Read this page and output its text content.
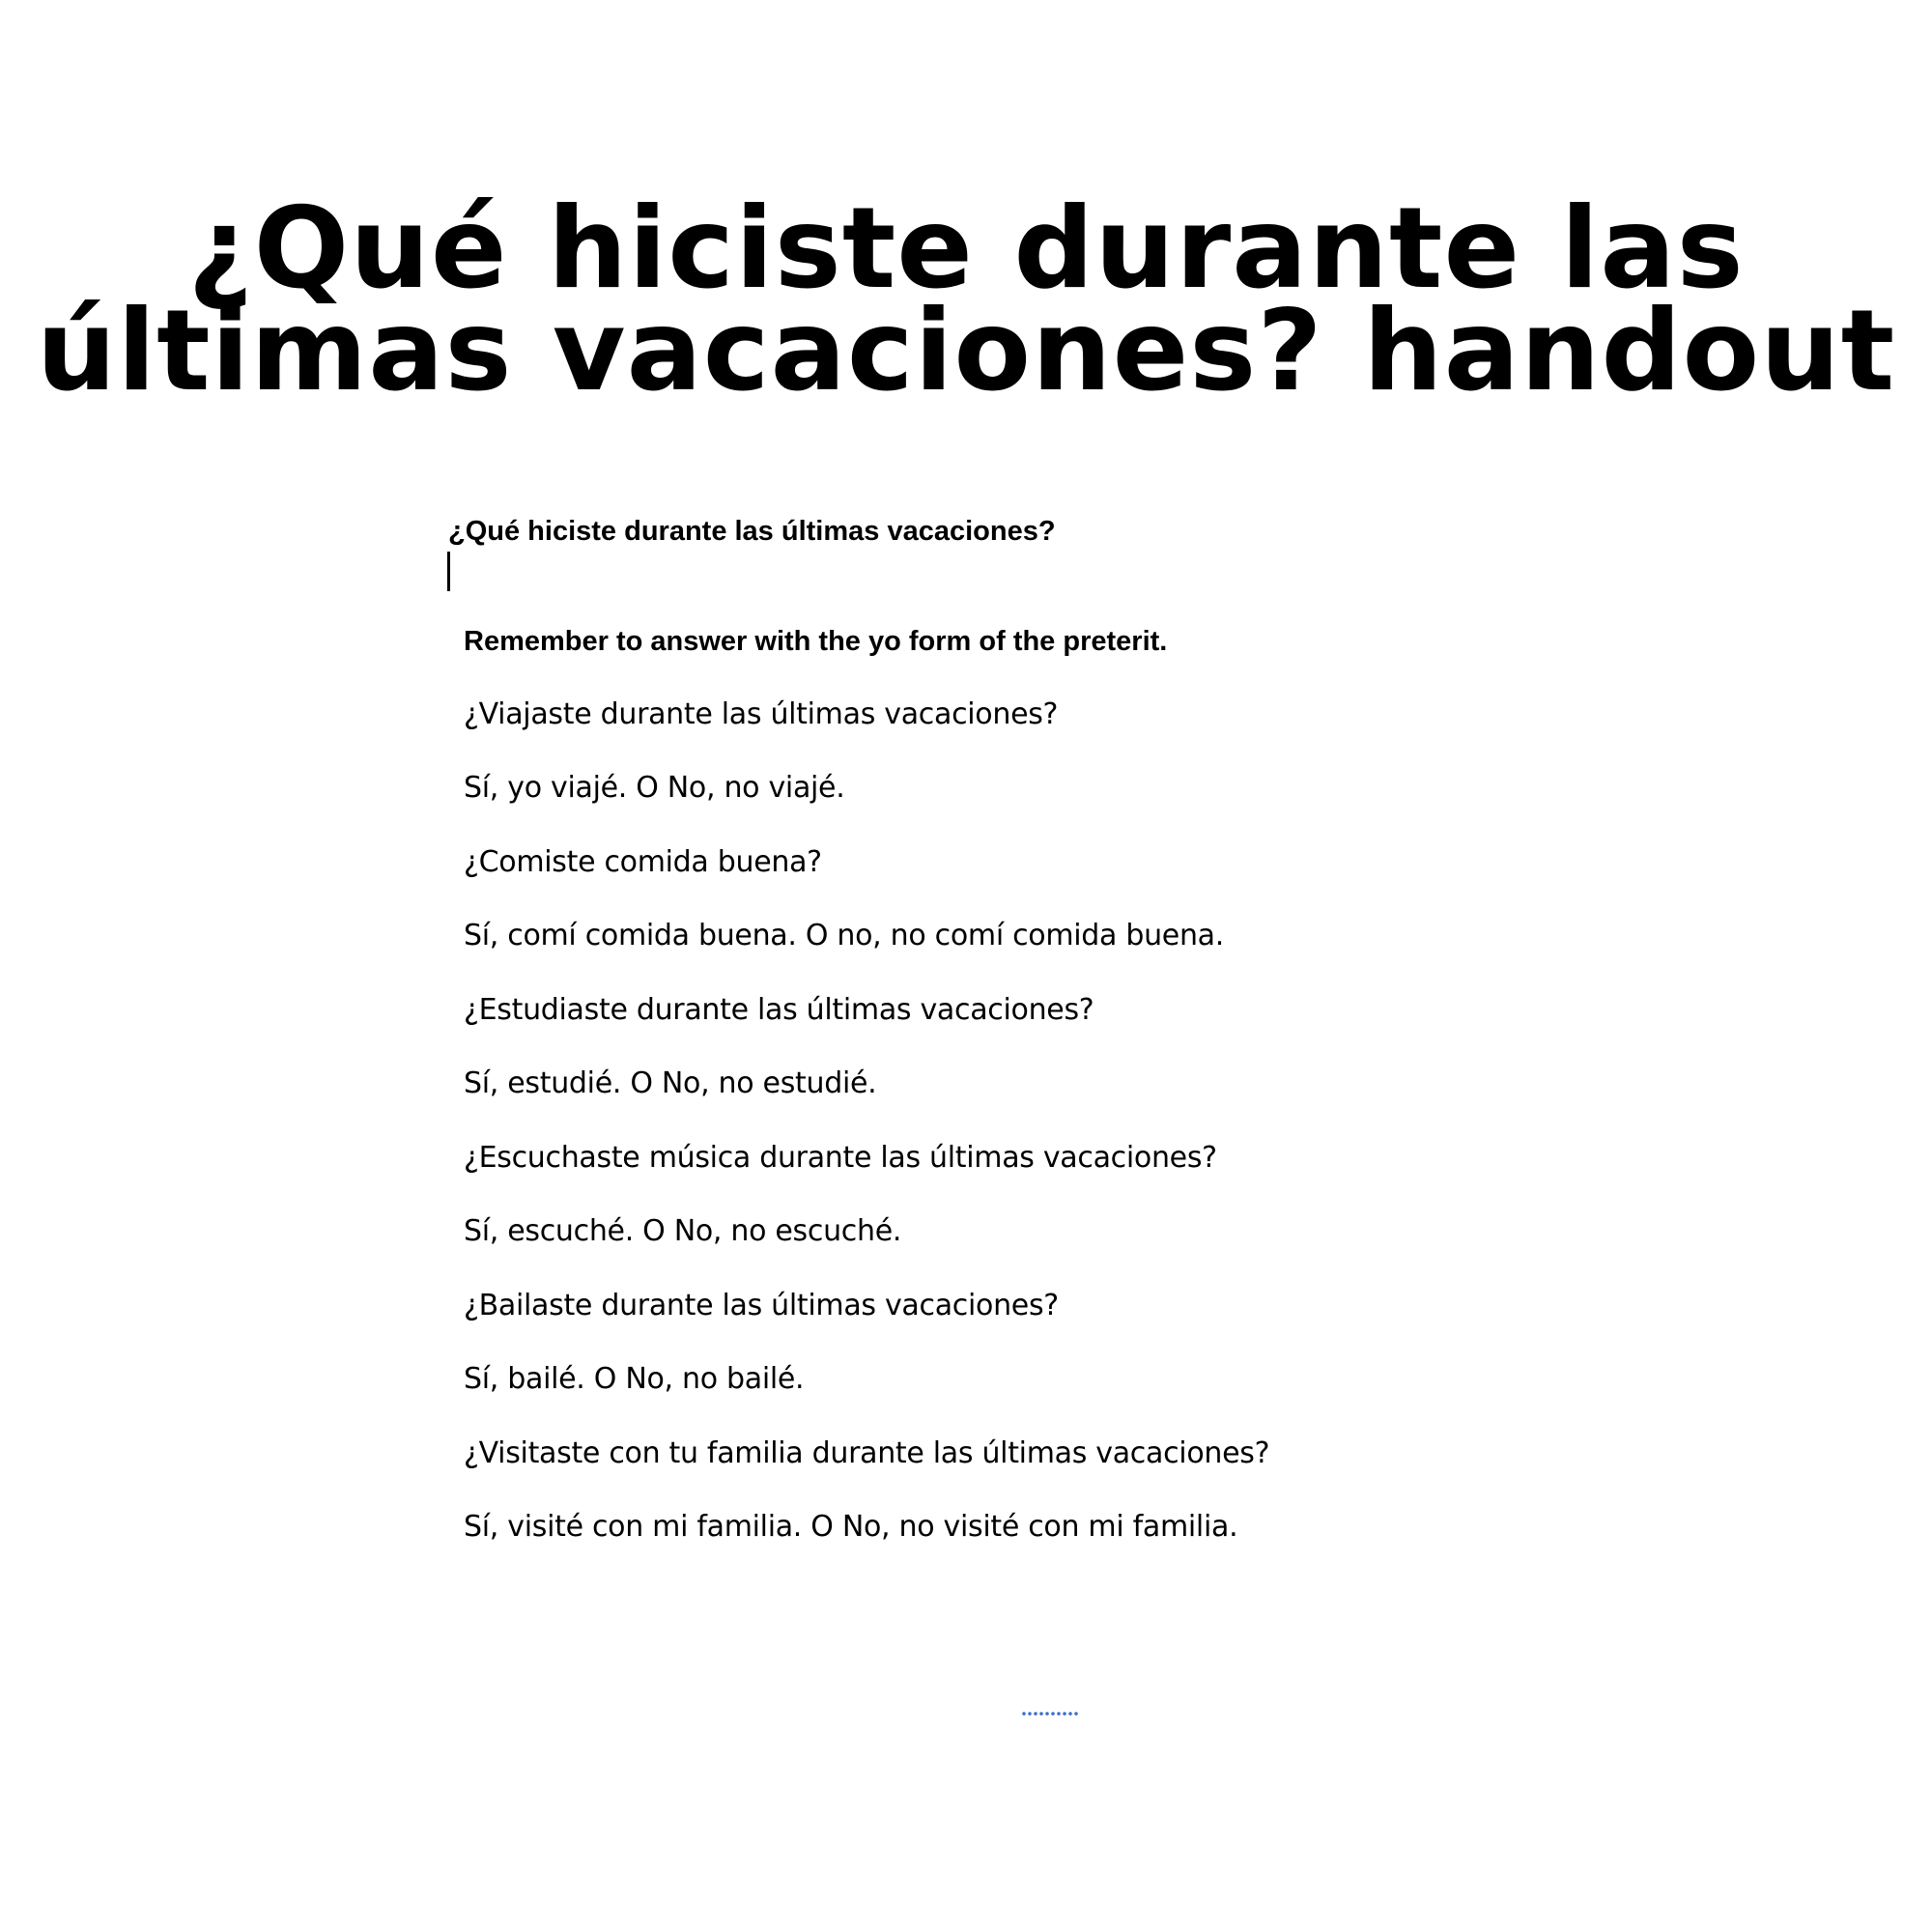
¿Qué hiciste durante las
últimas vacaciones? handout

¿Qué hiciste durante las últimas vacaciones?

Remember to answer with the yo form of the preterit.

¿Viajaste durante las últimas vacaciones?
Sí, yo viajé. O No, no viajé.
¿Comiste comida buena?
Sí, comí comida buena. O no, no comí comida buena.
¿Estudiaste durante las últimas vacaciones?
Sí, estudié. O No, no estudié.
¿Escuchaste música durante las últimas vacaciones?
Sí, escuché. O No, no escuché.
¿Bailaste durante las últimas vacaciones?
Sí, bailé. O No, no bailé.
¿Visitaste con tu familia durante las últimas vacaciones?
Sí, visité con mi familia. O No, no visité con mi familia.
